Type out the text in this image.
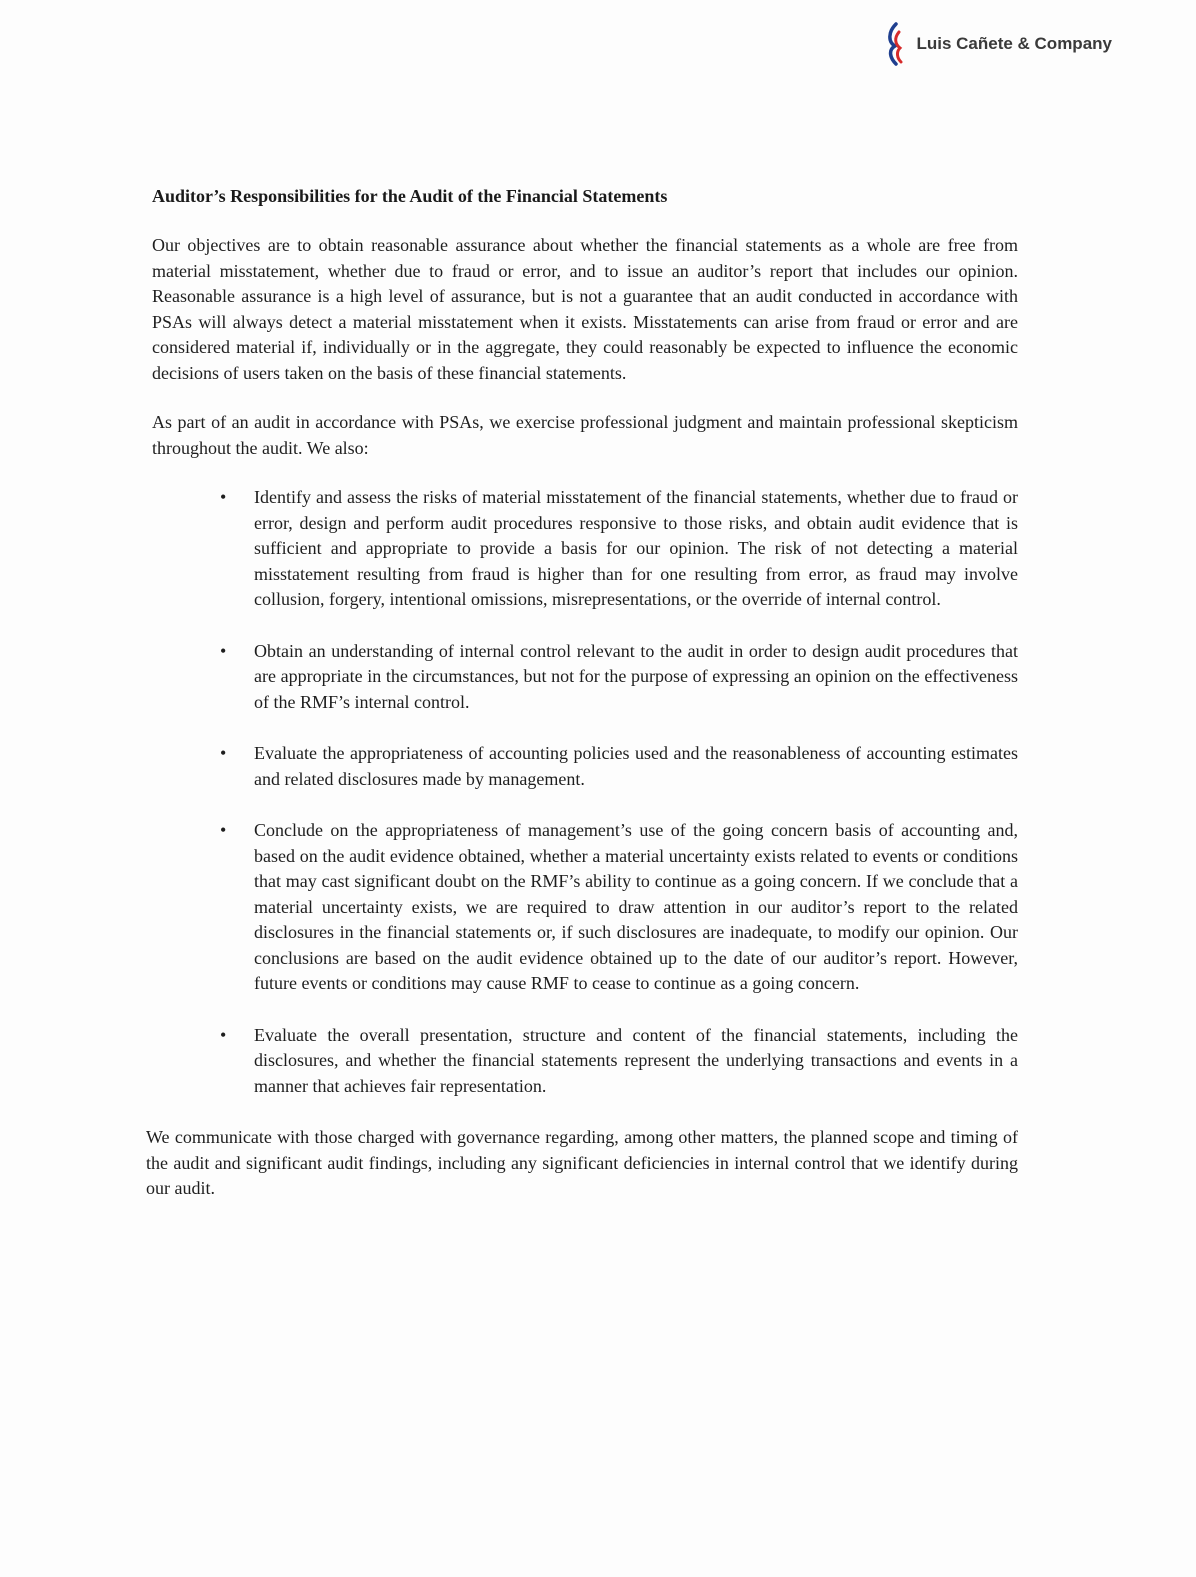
Luis Cañete & Company
Auditor’s Responsibilities for the Audit of the Financial Statements

Our objectives are to obtain reasonable assurance about whether the financial statements as a whole are free from material misstatement, whether due to fraud or error, and to issue an auditor’s report that includes our opinion. Reasonable assurance is a high level of assurance, but is not a guarantee that an audit conducted in accordance with PSAs will always detect a material misstatement when it exists. Misstatements can arise from fraud or error and are considered material if, individually or in the aggregate, they could reasonably be expected to influence the economic decisions of users taken on the basis of these financial statements.

As part of an audit in accordance with PSAs, we exercise professional judgment and maintain professional skepticism throughout the audit. We also:

• Identify and assess the risks of material misstatement of the financial statements, whether due to fraud or error, design and perform audit procedures responsive to those risks, and obtain audit evidence that is sufficient and appropriate to provide a basis for our opinion. The risk of not detecting a material misstatement resulting from fraud is higher than for one resulting from error, as fraud may involve collusion, forgery, intentional omissions, misrepresentations, or the override of internal control.
• Obtain an understanding of internal control relevant to the audit in order to design audit procedures that are appropriate in the circumstances, but not for the purpose of expressing an opinion on the effectiveness of the RMF’s internal control.
• Evaluate the appropriateness of accounting policies used and the reasonableness of accounting estimates and related disclosures made by management.
• Conclude on the appropriateness of management’s use of the going concern basis of accounting and, based on the audit evidence obtained, whether a material uncertainty exists related to events or conditions that may cast significant doubt on the RMF’s ability to continue as a going concern. If we conclude that a material uncertainty exists, we are required to draw attention in our auditor’s report to the related disclosures in the financial statements or, if such disclosures are inadequate, to modify our opinion. Our conclusions are based on the audit evidence obtained up to the date of our auditor’s report. However, future events or conditions may cause RMF to cease to continue as a going concern.
• Evaluate the overall presentation, structure and content of the financial statements, including the disclosures, and whether the financial statements represent the underlying transactions and events in a manner that achieves fair representation.

We communicate with those charged with governance regarding, among other matters, the planned scope and timing of the audit and significant audit findings, including any significant deficiencies in internal control that we identify during our audit.
